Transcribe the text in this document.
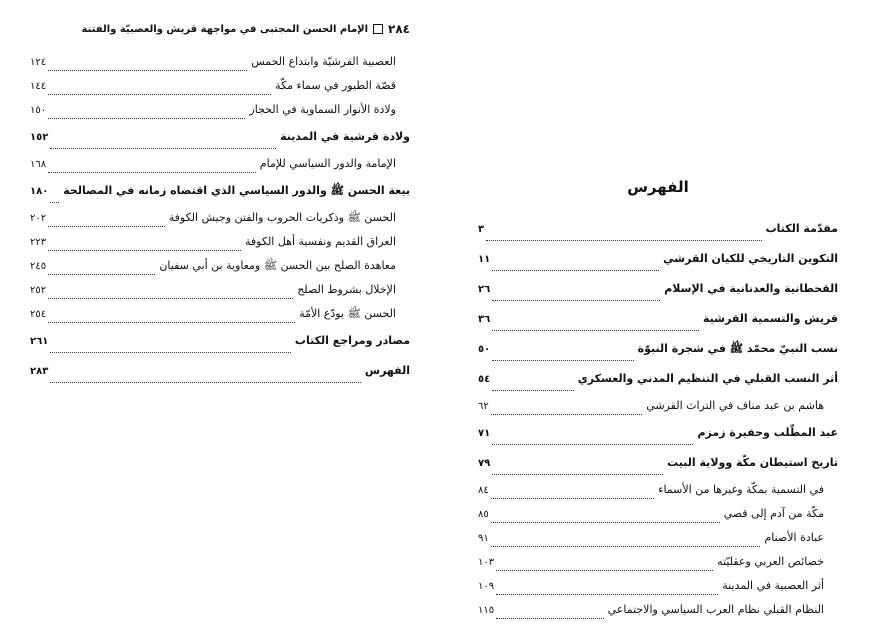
٢٨٤
الإمام الحسن المجتبى في مواجهة قريش والعصبيّة والفتنة
العصبية القرشيّة وابتداع الحمس
١٢٤
قصّة الطيور في سماء مكّة
١٤٤
ولادة الأنوار السماوية في الحجاز
١٥٠
ولادة قرشية في المدينة
١٥٢
الإمامة والدور السياسي للإمام
١٦٨
بيعة الحسن ﷺ والدور السياسي الذي اقتضاه زمانه في المصالحة
١٨٠
الحسن ﷺ وذكريات الحروب والفتن وجيش الكوفة
٢٠٢
العراق القديم ونفسية أهل الكوفة
٢٢٣
معاهدة الصلح بين الحسن ﷺ ومعاوية بن أبي سفيان
٢٤٥
الإخلال بشروط الصلح
٢٥٢
الحسن ﷺ يودّع الأمّة
٢٥٤
مصادر ومراجع الكتاب
٢٦١
الفهرس
٢٨٣
الفهرس
مقدّمة الكتاب
٣
التكوين التاريخي للكيان القرشي
١١
القحطانية والعدنانية في الإسلام
٢٦
قريش والتسمية القرشية
٣٦
نسب النبيّ محمّد ﷺ في شجرة النبوّة
٥٠
أثر النسب القبلي في التنظيم المدني والعسكري
٥٤
هاشم بن عبد مناف في التراث القرشي
٦٢
عبد المطّلب وحفيرة زمزم
٧١
تاريخ استيطان مكّة وولاية البيت
٧٩
في التسمية بمكّة وغيرها من الأسماء
٨٤
مكّة من آدم إلى قصي
٨٥
عبادة الأصنام
٩١
خصائص العربي وعقليّته
١٠٣
أثر العصبية في المدينة
١٠٩
النظام القبلي نظام العرب السياسي والاجتماعي
١١٥
